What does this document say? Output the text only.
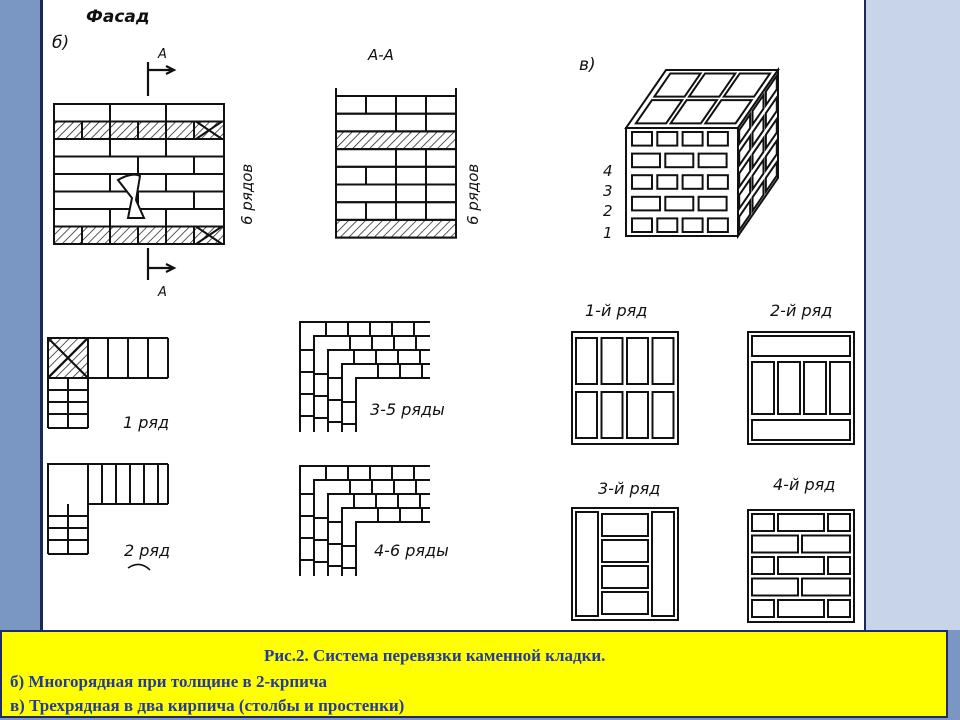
б)
Фасад
в)
А
А
6 рядов
А-А
6 рядов	4
3
2
1
1 ряд
2 ряд
3-5 ряды
4-6 ряды
1-й ряд	2-й ряд
3-й ряд	4-й ряд
Рис.2. Система перевязки каменной кладки.
б) Многорядная при толщине в 2-крпича
в) Трехрядная в два кирпича (столбы и простенки)
